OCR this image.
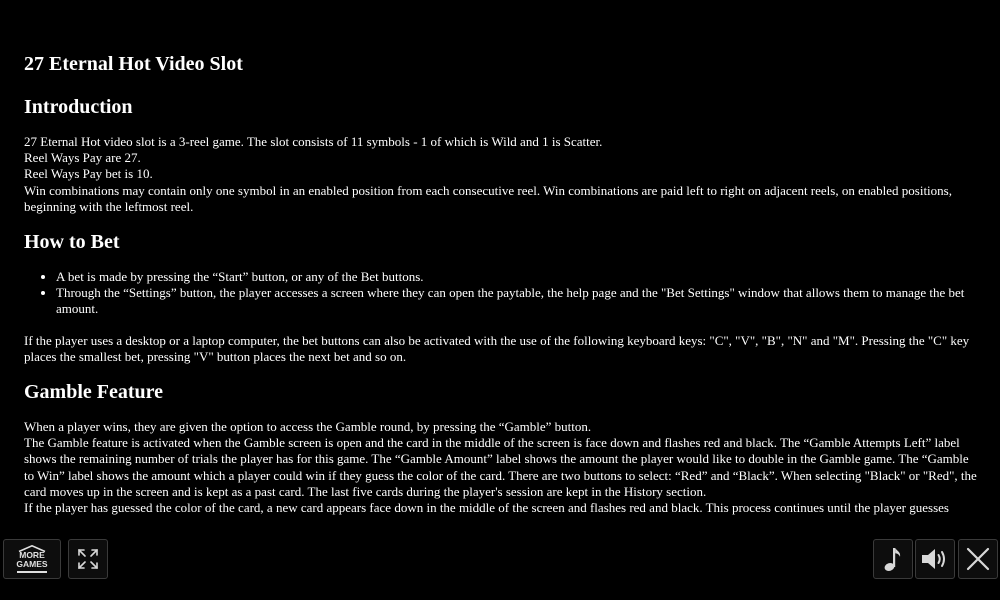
27 Eternal Hot Video Slot
Introduction

27 Eternal Hot video slot is a 3-reel game. The slot consists of 11 symbols - 1 of which is Wild and 1 is Scatter.
Reel Ways Pay are 27.
Reel Ways Pay bet is 10.
Win combinations may contain only one symbol in an enabled position from each consecutive reel. Win combinations are paid left to right on adjacent reels, on enabled positions, beginning with the leftmost reel.

How to Bet
• A bet is made by pressing the “Start” button, or any of the Bet buttons.
• Through the “Settings” button, the player accesses a screen where they can open the paytable, the help page and the "Bet Settings" window that allows them to manage the bet amount.

If the player uses a desktop or a laptop computer, the bet buttons can also be activated with the use of the following keyboard keys: "C", "V", "B", "N" and "M". Pressing the "C" key places the smallest bet, pressing "V" button places the next bet and so on.

Gamble Feature

When a player wins, they are given the option to access the Gamble round, by pressing the “Gamble” button.
The Gamble feature is activated when the Gamble screen is open and the card in the middle of the screen is face down and flashes red and black. The “Gamble Attempts Left” label shows the remaining number of trials the player has for this game. The “Gamble Amount” label shows the amount the player would like to double in the Gamble game. The “Gamble to Win” label shows the amount which a player could win if they guess the color of the card. There are two buttons to select: “Red” and “Black”. When selecting "Black" or "Red", the card moves up in the screen and is kept as a past card. The last five cards during the player's session are kept in the History section.
If the player has guessed the color of the card, a new card appears face down in the middle of the screen and flashes red and black. This process continues until the player guesses

MORE
GAMES
